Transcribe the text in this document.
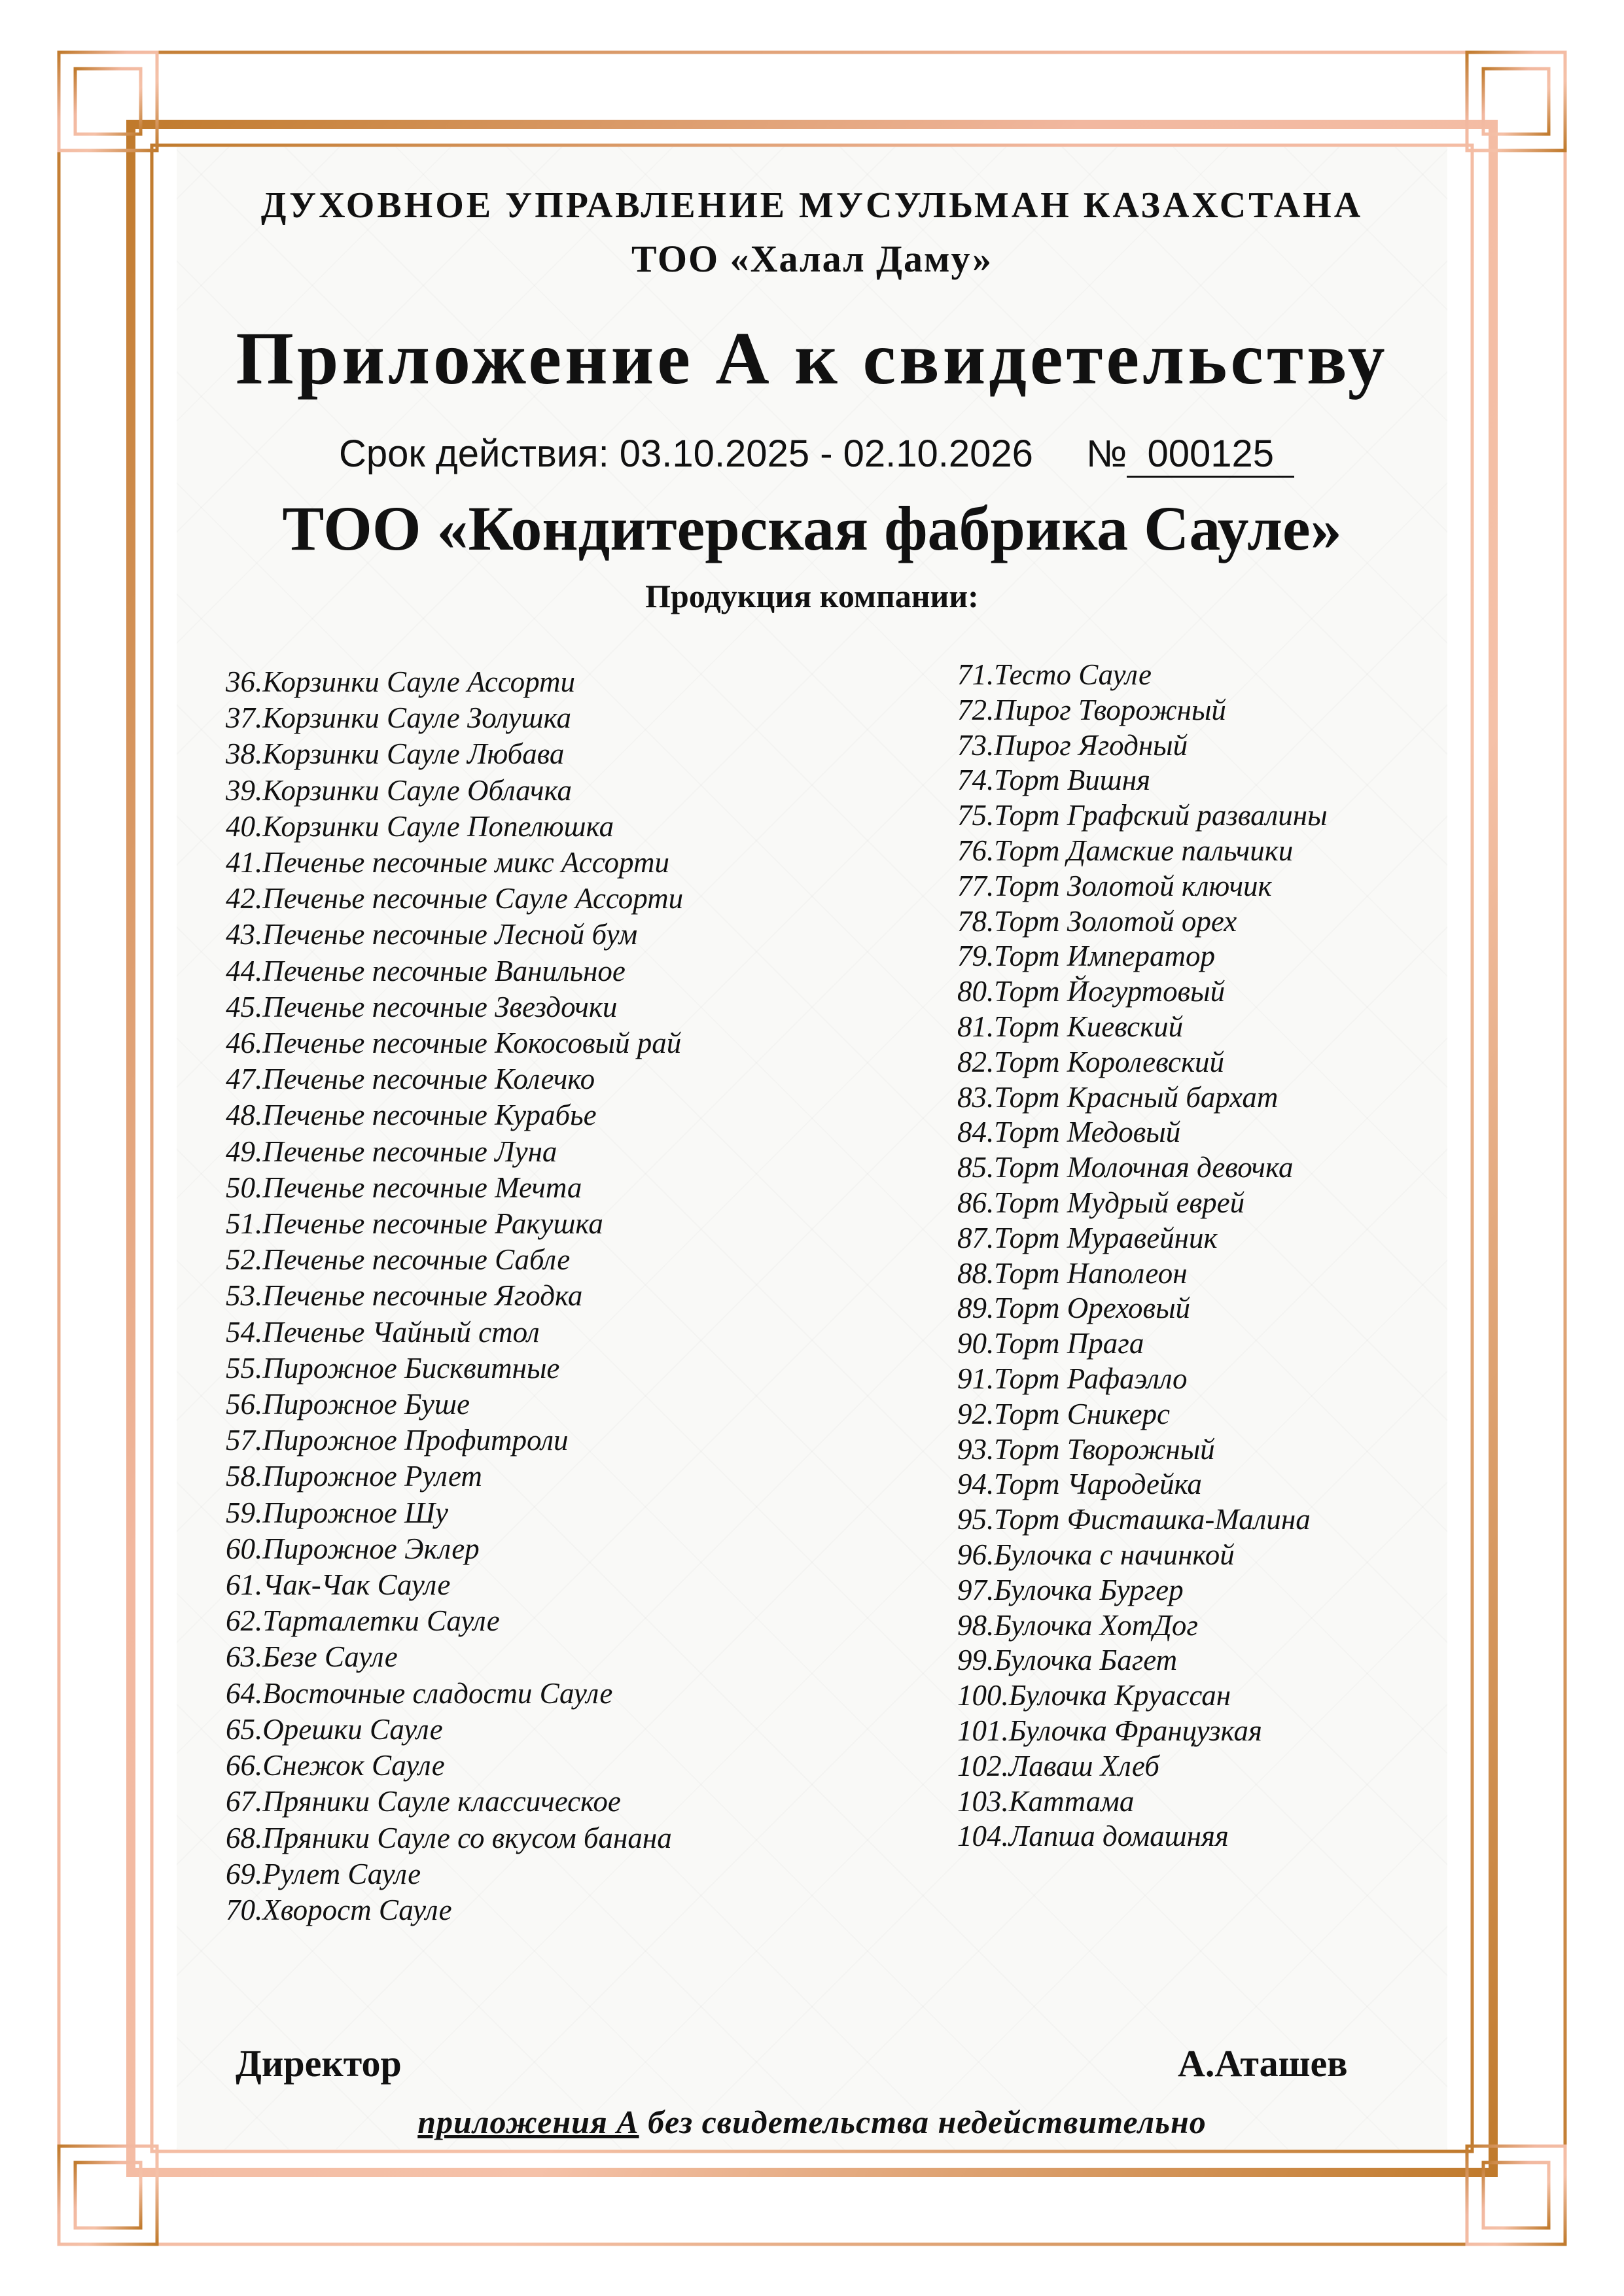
ДУХОВНОЕ УПРАВЛЕНИЕ МУСУЛЬМАН КАЗАХСТАНА
ТОО «Халал Даму»
Приложение А к свидетельству
Срок действия: 03.10.2025 - 02.10.2026 № 000125
ТОО «Кондитерская фабрика Сауле»
Продукция компании:
36.Корзинки Сауле Ассорти
37.Корзинки Сауле Золушка
38.Корзинки Сауле Любава
39.Корзинки Сауле Облачка
40.Корзинки Сауле Попелюшка
41.Печенье песочные микс Ассорти
42.Печенье песочные Сауле Ассорти
43.Печенье песочные Лесной бум
44.Печенье песочные Ванильное
45.Печенье песочные Звездочки
46.Печенье песочные Кокосовый рай
47.Печенье песочные Колечко
48.Печенье песочные Курабье
49.Печенье песочные Луна
50.Печенье песочные Мечта
51.Печенье песочные Ракушка
52.Печенье песочные Сабле
53.Печенье песочные Ягодка
54.Печенье Чайный стол
55.Пирожное Бисквитные
56.Пирожное Буше
57.Пирожное Профитроли
58.Пирожное Рулет
59.Пирожное Шу
60.Пирожное Эклер
61.Чак-Чак Сауле
62.Тарталетки Сауле
63.Безе Сауле
64.Восточные сладости Сауле
65.Орешки Сауле
66.Снежок Сауле
67.Пряники Сауле классическое
68.Пряники Сауле со вкусом банана
69.Рулет Сауле
70.Хворост Сауле
71.Тесто Сауле
72.Пирог Творожный
73.Пирог Ягодный
74.Торт Вишня
75.Торт Графский развалины
76.Торт Дамские пальчики
77.Торт Золотой ключик
78.Торт Золотой орех
79.Торт Император
80.Торт Йогуртовый
81.Торт Киевский
82.Торт Королевский
83.Торт Красный бархат
84.Торт Медовый
85.Торт Молочная девочка
86.Торт Мудрый еврей
87.Торт Муравейник
88.Торт Наполеон
89.Торт Ореховый
90.Торт Прага
91.Торт Рафаэлло
92.Торт Сникерс
93.Торт Творожный
94.Торт Чародейка
95.Торт Фисташка-Малина
96.Булочка с начинкой
97.Булочка Бургер
98.Булочка ХотДог
99.Булочка Багет
100.Булочка Круассан
101.Булочка Французкая
102.Лаваш Хлеб
103.Каттама
104.Лапша домашняя
Директор	А.Аташев
приложения А без свидетельства недействительно
